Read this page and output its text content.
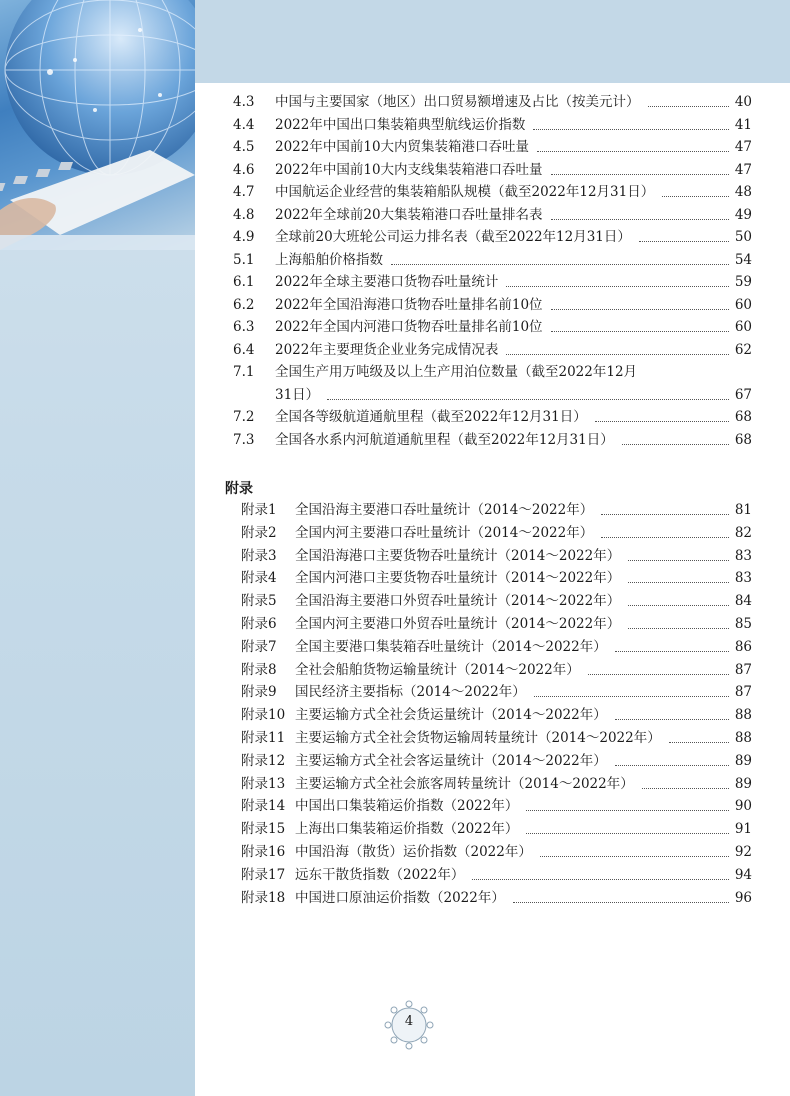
4.3 中国与主要国家（地区）出口贸易额增速及占比（按美元计）	40
4.4 2022年中国出口集装箱典型航线运价指数	41
4.5 2022年中国前10大内贸集装箱港口吞吐量	47
4.6 2022年中国前10大内支线集装箱港口吞吐量	47
4.7 中国航运企业经营的集装箱船队规模（截至2022年12月31日）	48
4.8 2022年全球前20大集装箱港口吞吐量排名表	49
4.9 全球前20大班轮公司运力排名表（截至2022年12月31日）	50
5.1 上海船舶价格指数	54
6.1 2022年全球主要港口货物吞吐量统计	59
6.2 2022年全国沿海港口货物吞吐量排名前10位	60
6.3 2022年全国内河港口货物吞吐量排名前10位	60
6.4 2022年主要理货企业业务完成情况表	62
7.1 全国生产用万吨级及以上生产用泊位数量（截至2022年12月
31日）	67
7.2 全国各等级航道通航里程（截至2022年12月31日）	68
7.3 全国各水系内河航道通航里程（截至2022年12月31日）	68
附录
附录1 全国沿海主要港口吞吐量统计（2014～2022年）	81
附录2 全国内河主要港口吞吐量统计（2014～2022年）	82
附录3 全国沿海港口主要货物吞吐量统计（2014～2022年）	83
附录4 全国内河港口主要货物吞吐量统计（2014～2022年）	83
附录5 全国沿海主要港口外贸吞吐量统计（2014～2022年）	84
附录6 全国内河主要港口外贸吞吐量统计（2014～2022年）	85
附录7 全国主要港口集装箱吞吐量统计（2014～2022年）	86
附录8 全社会船舶货物运输量统计（2014～2022年）	87
附录9 国民经济主要指标（2014～2022年）	87
附录10 主要运输方式全社会货运量统计（2014～2022年）	88
附录11 主要运输方式全社会货物运输周转量统计（2014～2022年）	88
附录12 主要运输方式全社会客运量统计（2014～2022年）	89
附录13 主要运输方式全社会旅客周转量统计（2014～2022年）	89
附录14 中国出口集装箱运价指数（2022年）	90
附录15 上海出口集装箱运价指数（2022年）	91
附录16 中国沿海（散货）运价指数（2022年）	92
附录17 远东干散货指数（2022年）	94
附录18 中国进口原油运价指数（2022年）	96
4
